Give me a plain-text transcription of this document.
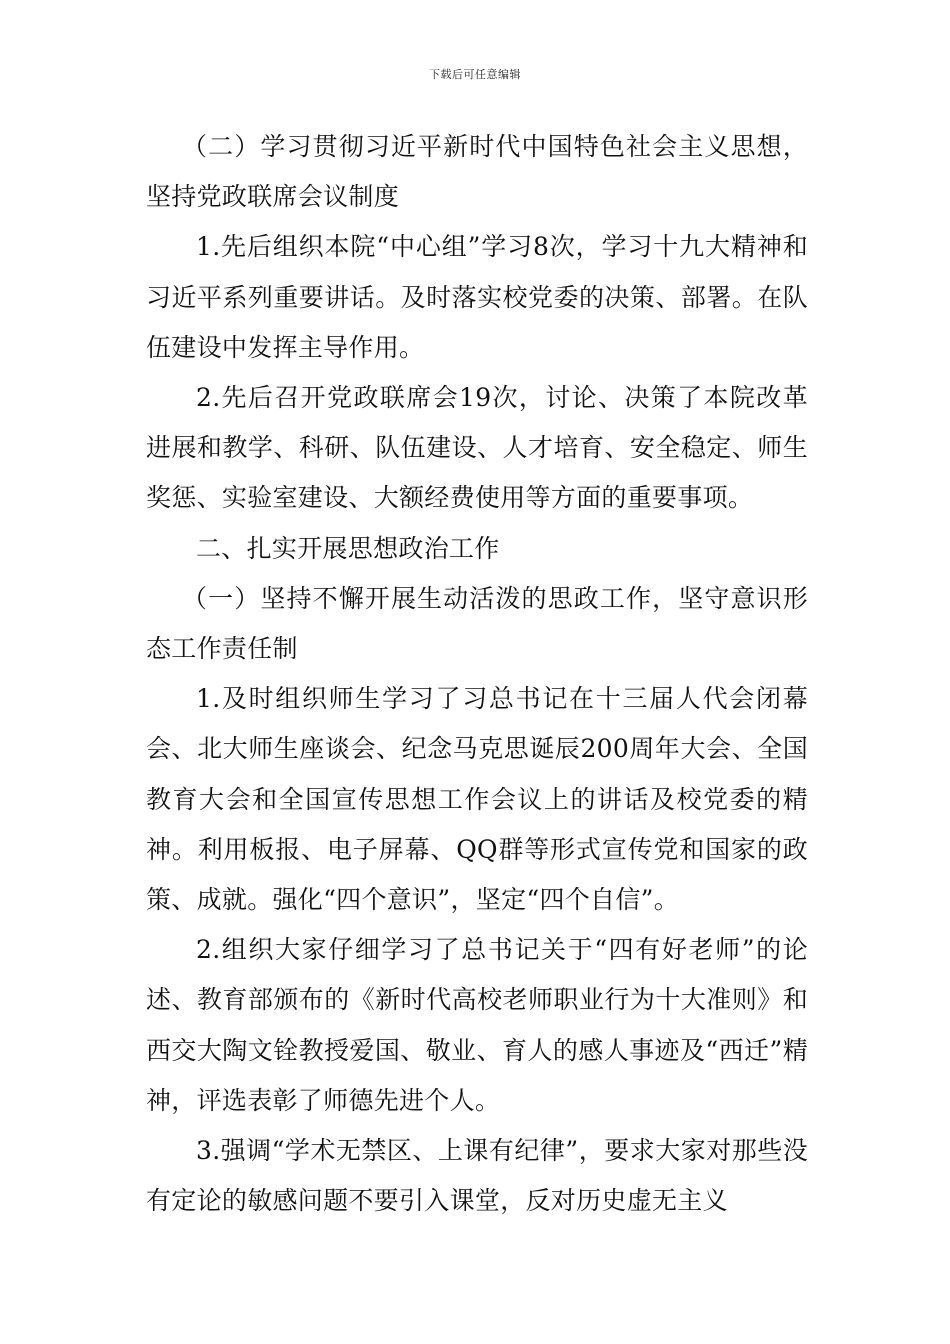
下载后可任意编辑

（二）学习贯彻习近平新时代中国特色社会主义思想，坚持党政联席会议制度

1.先后组织本院“中心组”学习8次，学习十九大精神和习近平系列重要讲话。及时落实校党委的决策、部署。在队伍建设中发挥主导作用。

2.先后召开党政联席会19次，讨论、决策了本院改革进展和教学、科研、队伍建设、人才培育、安全稳定、师生奖惩、实验室建设、大额经费使用等方面的重要事项。

二、扎实开展思想政治工作

（一）坚持不懈开展生动活泼的思政工作，坚守意识形态工作责任制

1.及时组织师生学习了习总书记在十三届人代会闭幕会、北大师生座谈会、纪念马克思诞辰200周年大会、全国教育大会和全国宣传思想工作会议上的讲话及校党委的精神。利用板报、电子屏幕、QQ群等形式宣传党和国家的政策、成就。强化“四个意识”，坚定“四个自信”。

2.组织大家仔细学习了总书记关于“四有好老师”的论述、教育部颁布的《新时代高校老师职业行为十大准则》和西交大陶文铨教授爱国、敬业、育人的感人事迹及“西迁”精神，评选表彰了师德先进个人。

3.强调“学术无禁区、上课有纪律”，要求大家对那些没有定论的敏感问题不要引入课堂，反对历史虚无主义
